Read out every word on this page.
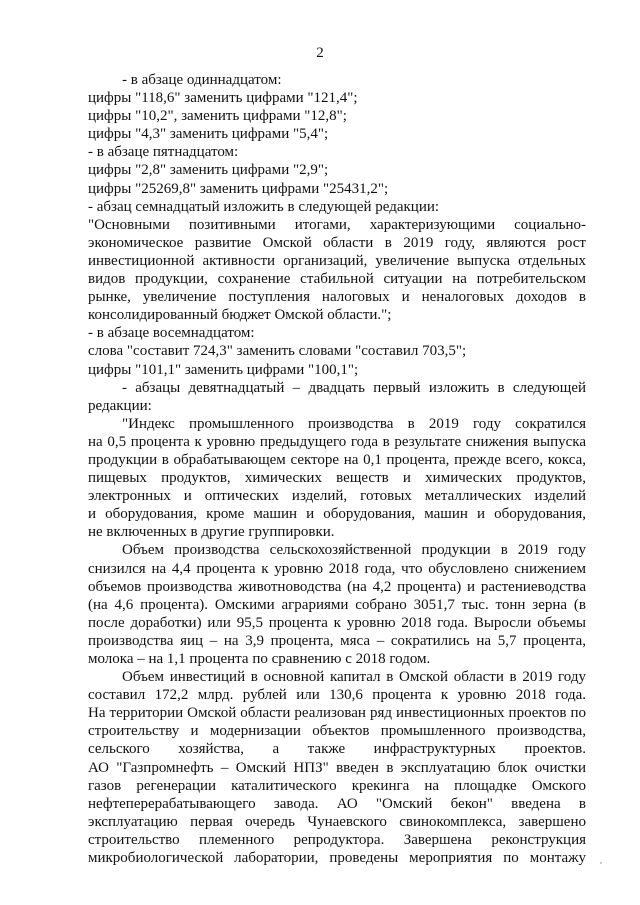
2
- в абзаце одиннадцатом:
цифры "118,6" заменить цифрами "121,4";
цифры "10,2", заменить цифрами "12,8";
цифры "4,3" заменить цифрами "5,4";
- в абзаце пятнадцатом:
цифры "2,8" заменить цифрами "2,9";
цифры "25269,8" заменить цифрами "25431,2";
- абзац семнадцатый изложить в следующей редакции:
"Основными позитивными итогами, характеризующими социально-
экономическое развитие Омской области в 2019 году, являются рост
инвестиционной активности организаций, увеличение выпуска отдельных
видов продукции, сохранение стабильной ситуации на потребительском
рынке, увеличение поступления налоговых и неналоговых доходов в
консолидированный бюджет Омской области.";
- в абзаце восемнадцатом:
слова "составит 724,3" заменить словами "составил 703,5";
цифры "101,1" заменить цифрами "100,1";
- абзацы девятнадцатый – двадцать первый изложить в следующей
редакции:
"Индекс промышленного производства в 2019 году сократился
на 0,5 процента к уровню предыдущего года в результате снижения выпуска
продукции в обрабатывающем секторе на 0,1 процента, прежде всего, кокса,
пищевых продуктов, химических веществ и химических продуктов,
электронных и оптических изделий, готовых металлических изделий
и оборудования, кроме машин и оборудования, машин и оборудования,
не включенных в другие группировки.
Объем производства сельскохозяйственной продукции в 2019 году
снизился на 4,4 процента к уровню 2018 года, что обусловлено снижением
объемов производства животноводства (на 4,2 процента) и растениеводства
(на 4,6 процента). Омскими аграриями собрано 3051,7 тыс. тонн зерна (в
после доработки) или 95,5 процента к уровню 2018 года. Выросли объемы
производства яиц – на 3,9 процента, мяса – сократились на 5,7 процента,
молока – на 1,1 процента по сравнению с 2018 годом.
Объем инвестиций в основной капитал в Омской области в 2019 году
составил 172,2 млрд. рублей или 130,6 процента к уровню 2018 года.
На территории Омской области реализован ряд инвестиционных проектов по
строительству и модернизации объектов промышленного производства,
сельского хозяйства, а также инфраструктурных проектов.
АО "Газпромнефть – Омский НПЗ" введен в эксплуатацию блок очистки
газов регенерации каталитического крекинга на площадке Омского
нефтеперерабатывающего завода. АО "Омский бекон" введена в
эксплуатацию первая очередь Чунаевского свинокомплекса, завершено
строительство племенного репродуктора. Завершена реконструкция
микробиологической лаборатории, проведены мероприятия по монтажу
